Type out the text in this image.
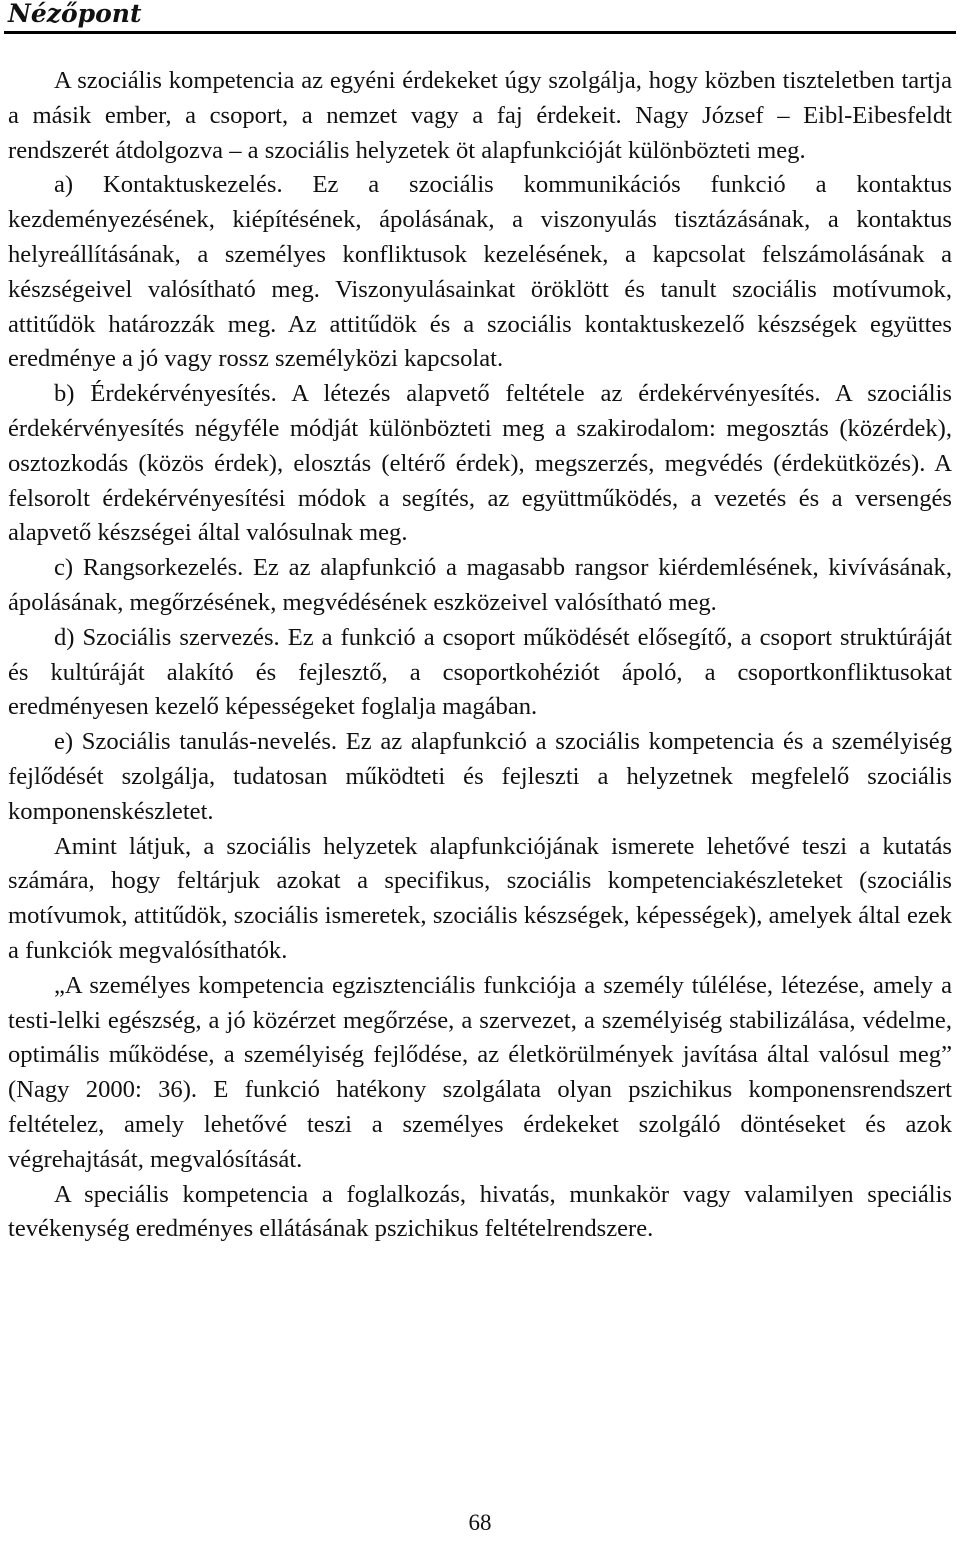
Nézőpont

A szociális kompetencia az egyéni érdekeket úgy szolgálja, hogy közben tiszteletben tartja a másik ember, a csoport, a nemzet vagy a faj érdekeit. Nagy József – Eibl-Eibesfeldt rendszerét átdolgozva – a szociális helyzetek öt alapfunkcióját különbözteti meg.

a) Kontaktuskezelés. Ez a szociális kommunikációs funkció a kontaktus kezdeményezésének, kiépítésének, ápolásának, a viszonyulás tisztázásának, a kontaktus helyreállításának, a személyes konfliktusok kezelésének, a kapcsolat felszámolásának a készségeivel valósítható meg. Viszonyulásainkat öröklött és tanult szociális motívumok, attitűdök határozzák meg. Az attitűdök és a szociális kontaktuskezelő készségek együttes eredménye a jó vagy rossz személyközi kapcsolat.

b) Érdekérvényesítés. A létezés alapvető feltétele az érdekérvényesítés. A szociális érdekérvényesítés négyféle módját különbözteti meg a szakirodalom: megosztás (közérdek), osztozkodás (közös érdek), elosztás (eltérő érdek), megszerzés, megvédés (érdekütközés). A felsorolt érdekérvényesítési módok a segítés, az együttműködés, a vezetés és a versengés alapvető készségei által valósulnak meg.

c) Rangsorkezelés. Ez az alapfunkció a magasabb rangsor kiérdemlésének, kivívásának, ápolásának, megőrzésének, megvédésének eszközeivel valósítható meg.

d) Szociális szervezés. Ez a funkció a csoport működését elősegítő, a csoport struktúráját és kultúráját alakító és fejlesztő, a csoportkohéziót ápoló, a csoportkonfliktusokat eredményesen kezelő képességeket foglalja magában.

e) Szociális tanulás-nevelés. Ez az alapfunkció a szociális kompetencia és a személyiség fejlődését szolgálja, tudatosan működteti és fejleszti a helyzetnek megfelelő szociális komponenskészletet.

Amint látjuk, a szociális helyzetek alapfunkciójának ismerete lehetővé teszi a kutatás számára, hogy feltárjuk azokat a specifikus, szociális kompetenciakészleteket (szociális motívumok, attitűdök, szociális ismeretek, szociális készségek, képességek), amelyek által ezek a funkciók megvalósíthatók.

„A személyes kompetencia egzisztenciális funkciója a személy túlélése, létezése, amely a testi-lelki egészség, a jó közérzet megőrzése, a szervezet, a személyiség stabilizálása, védelme, optimális működése, a személyiség fejlődése, az életkörülmények javítása által valósul meg” (Nagy 2000: 36). E funkció hatékony szolgálata olyan pszichikus komponensrendszert feltételez, amely lehetővé teszi a személyes érdekeket szolgáló döntéseket és azok végrehajtását, megvalósítását.

A speciális kompetencia a foglalkozás, hivatás, munkakör vagy valamilyen speciális tevékenység eredményes ellátásának pszichikus feltételrendszere.

68
